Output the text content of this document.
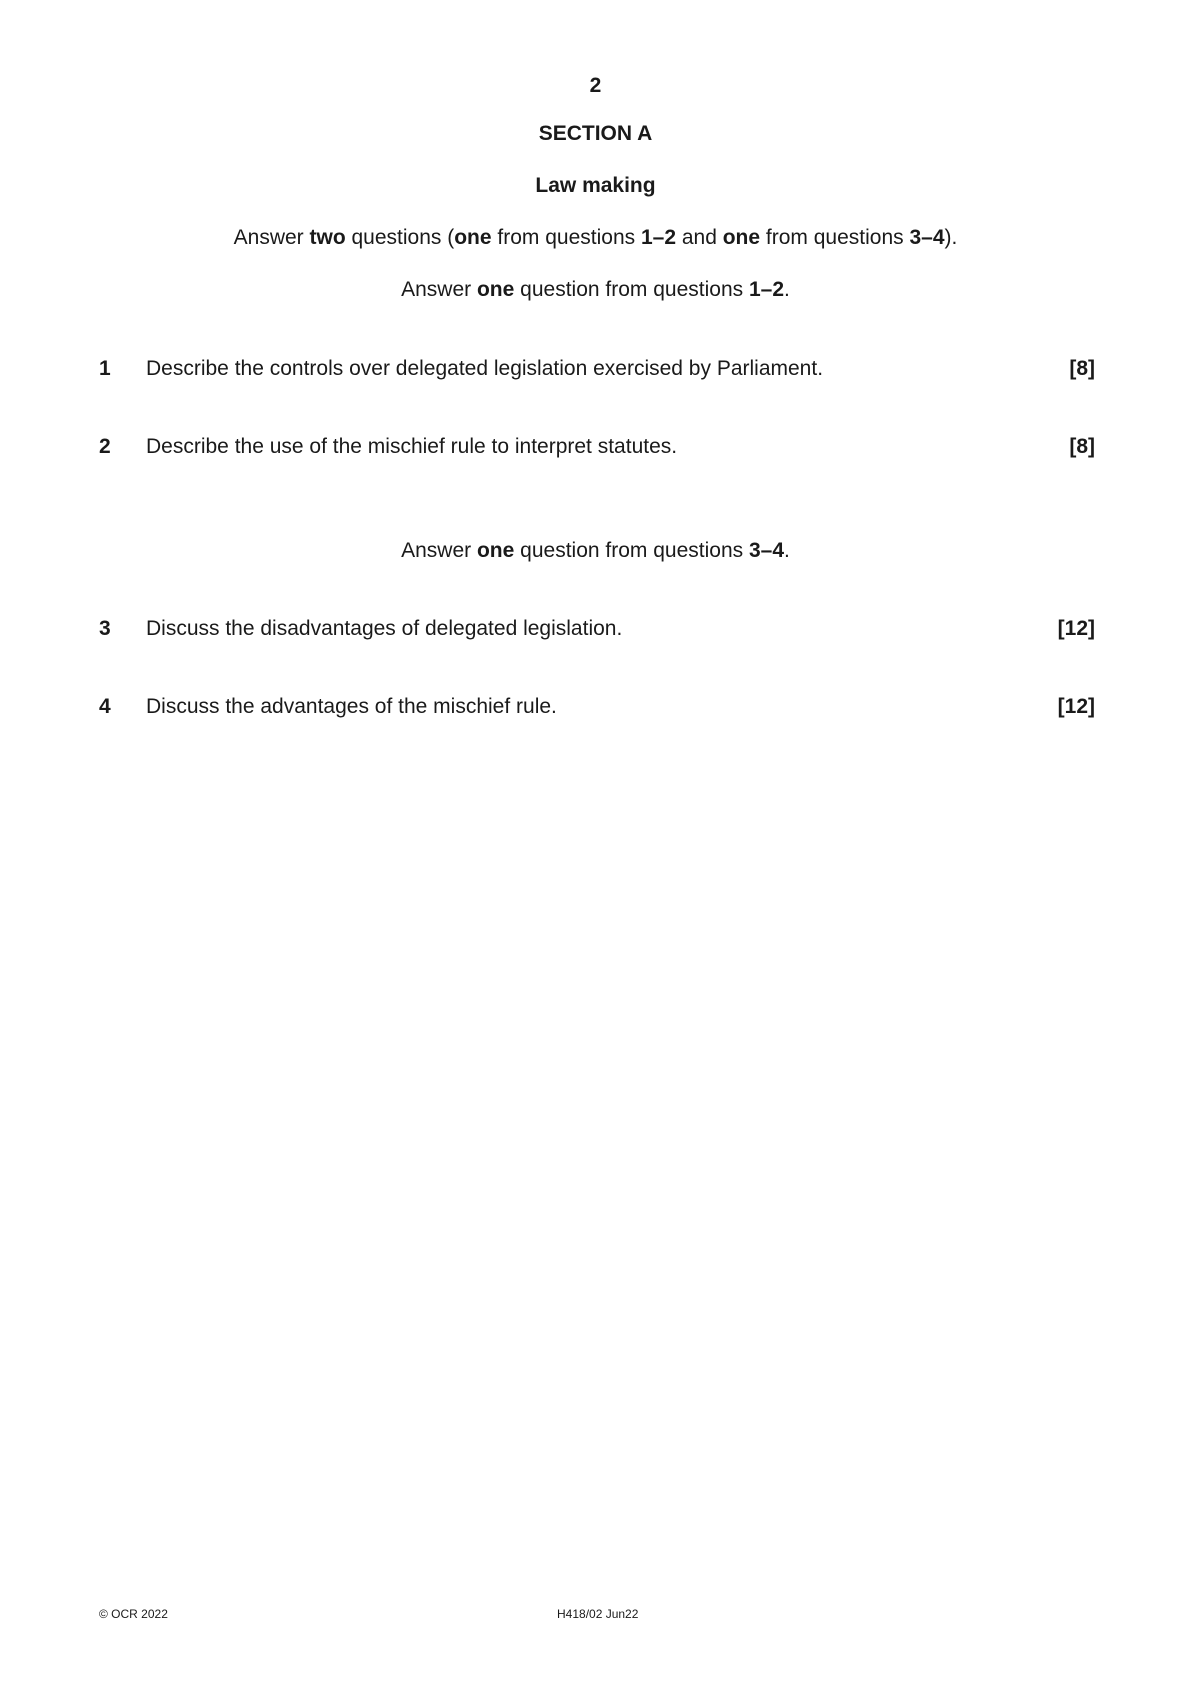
2

SECTION A

Law making

Answer two questions (one from questions 1–2 and one from questions 3–4).

Answer one question from questions 1–2.

1 Describe the controls over delegated legislation exercised by Parliament.	[8]
2 Describe the use of the mischief rule to interpret statutes.	[8]

Answer one question from questions 3–4.

3 Discuss the disadvantages of delegated legislation.	[12]
4 Discuss the advantages of the mischief rule.	[12]
© OCR 2022	H418/02 Jun22
